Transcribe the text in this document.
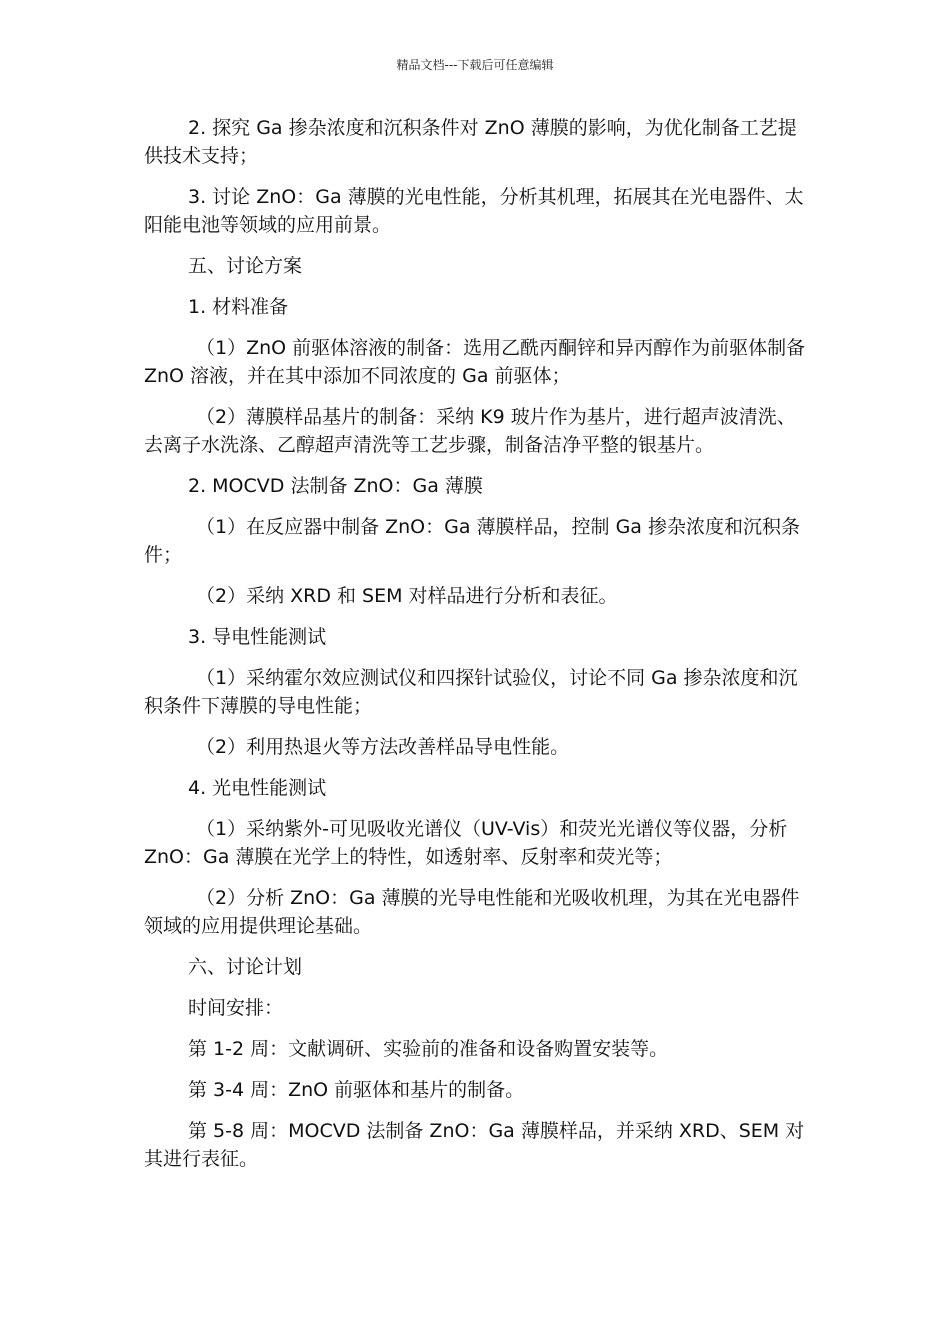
精品文档---下载后可任意编辑

2. 探究 Ga 掺杂浓度和沉积条件对 ZnO 薄膜的影响，为优化制备工艺提供技术支持；

3. 讨论 ZnO：Ga 薄膜的光电性能，分析其机理，拓展其在光电器件、太阳能电池等领域的应用前景。

五、讨论方案

1. 材料准备

（1）ZnO 前驱体溶液的制备：选用乙酰丙酮锌和异丙醇作为前驱体制备 ZnO 溶液，并在其中添加不同浓度的 Ga 前驱体；

（2）薄膜样品基片的制备：采纳 K9 玻片作为基片，进行超声波清洗、去离子水洗涤、乙醇超声清洗等工艺步骤，制备洁净平整的银基片。

2. MOCVD 法制备 ZnO：Ga 薄膜

（1）在反应器中制备 ZnO：Ga 薄膜样品，控制 Ga 掺杂浓度和沉积条件；

（2）采纳 XRD 和 SEM 对样品进行分析和表征。

3. 导电性能测试

（1）采纳霍尔效应测试仪和四探针试验仪，讨论不同 Ga 掺杂浓度和沉积条件下薄膜的导电性能；

（2）利用热退火等方法改善样品导电性能。

4. 光电性能测试

（1）采纳紫外-可见吸收光谱仪（UV-Vis）和荧光光谱仪等仪器，分析 ZnO：Ga 薄膜在光学上的特性，如透射率、反射率和荧光等；

（2）分析 ZnO：Ga 薄膜的光导电性能和光吸收机理，为其在光电器件领域的应用提供理论基础。

六、讨论计划

时间安排：

第 1-2 周：文献调研、实验前的准备和设备购置安装等。

第 3-4 周：ZnO 前驱体和基片的制备。

第 5-8 周：MOCVD 法制备 ZnO：Ga 薄膜样品，并采纳 XRD、SEM 对其进行表征。
